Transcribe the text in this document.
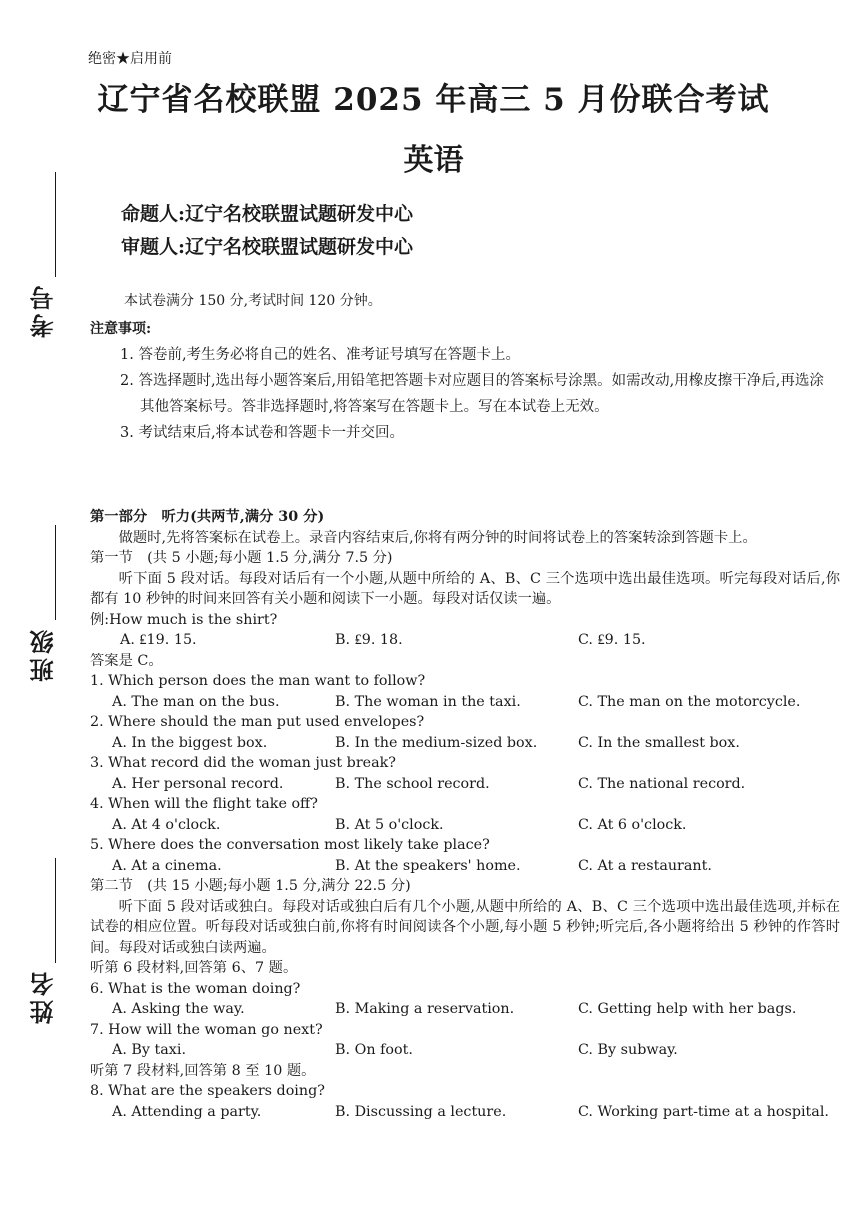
绝密★启用前
辽宁省名校联盟 2025 年高三 5 月份联合考试
英语
命题人:辽宁名校联盟试题研发中心
审题人:辽宁名校联盟试题研发中心
考号
班级
姓名
本试卷满分 150 分,考试时间 120 分钟。
注意事项:

1. 答卷前,考生务必将自己的姓名、准考证号填写在答题卡上。

2. 答选择题时,选出每小题答案后,用铅笔把答题卡对应题目的答案标号涂黑。如需改动,用橡皮擦干净后,再选涂其他答案标号。答非选择题时,将答案写在答题卡上。写在本试卷上无效。

3. 考试结束后,将本试卷和答题卡一并交回。

第一部分　听力(共两节,满分 30 分)
做题时,先将答案标在试卷上。录音内容结束后,你将有两分钟的时间将试卷上的答案转涂到答题卡上。
第一节　(共 5 小题;每小题 1.5 分,满分 7.5 分)
听下面 5 段对话。每段对话后有一个小题,从题中所给的 A、B、C 三个选项中选出最佳选项。听完每段对话后,你都有 10 秒钟的时间来回答有关小题和阅读下一小题。每段对话仅读一遍。
例:How much is the shirt?
A. ₤19. 15.	B. ₤9. 18.	C. ₤9. 15.
答案是 C。
1. Which person does the man want to follow?
A. The man on the bus.	B. The woman in the taxi.	C. The man on the motorcycle.
2. Where should the man put used envelopes?
A. In the biggest box.	B. In the medium-sized box.	C. In the smallest box.
3. What record did the woman just break?
A. Her personal record.	B. The school record.	C. The national record.
4. When will the flight take off?
A. At 4 o'clock.	B. At 5 o'clock.	C. At 6 o'clock.
5. Where does the conversation most likely take place?
A. At a cinema.	B. At the speakers' home.	C. At a restaurant.
第二节　(共 15 小题;每小题 1.5 分,满分 22.5 分)
听下面 5 段对话或独白。每段对话或独白后有几个小题,从题中所给的 A、B、C 三个选项中选出最佳选项,并标在试卷的相应位置。听每段对话或独白前,你将有时间阅读各个小题,每小题 5 秒钟;听完后,各小题将给出 5 秒钟的作答时间。每段对话或独白读两遍。
听第 6 段材料,回答第 6、7 题。
6. What is the woman doing?
A. Asking the way.	B. Making a reservation.	C. Getting help with her bags.
7. How will the woman go next?
A. By taxi.	B. On foot.	C. By subway.
听第 7 段材料,回答第 8 至 10 题。
8. What are the speakers doing?
A. Attending a party.	B. Discussing a lecture.	C. Working part-time at a hospital.
